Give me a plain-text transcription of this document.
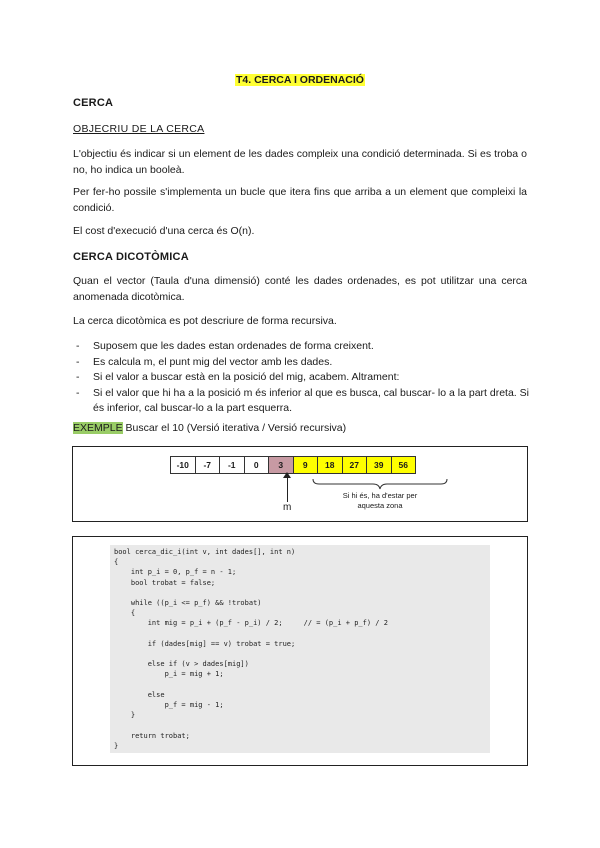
T4. CERCA I ORDENACIÓ
CERCA
OBJECRIU DE LA CERCA
L'objectiu és indicar si un element de les dades compleix una condició determinada. Si es troba o no, ho indica un booleà.
Per fer-ho possile s'implementa un bucle que itera fins que arriba a un element que compleixi la condició.
El cost d'execució d'una cerca és O(n).
CERCA DICOTÒMICA
Quan el vector (Taula d'una dimensió) conté les dades ordenades, es pot utilitzar una cerca anomenada dicotòmica.
La cerca dicotòmica es pot descriure de forma recursiva.
- Suposem que les dades estan ordenades de forma creixent.
- Es calcula m, el punt mig del vector amb les dades.
- Si el valor a buscar està en la posició del mig, acabem. Altrament:
- Si el valor que hi ha a la posició m és inferior al que es busca, cal buscar- lo a la part dreta. Si és inferior, cal buscar-lo a la part esquerra.
EXEMPLE Buscar el 10 (Versió iterativa / Versió recursiva)
-10	-7	-1	0	3	9	18	27	39	56
m
Si hi és, ha d'estar per
aquesta zona
bool cerca_dic_i(int v, int dades[], int n)
{
int p_i = 0, p_f = n - 1;
bool trobat = false;

while ((p_i <= p_f) && !trobat)
{
int mig = p_i + (p_f - p_i) / 2;     // = (p_i + p_f) / 2

if (dades[mig] == v) trobat = true;

else if (v > dades[mig])
p_i = mig + 1;

else
p_f = mig - 1;
}

return trobat;
}
